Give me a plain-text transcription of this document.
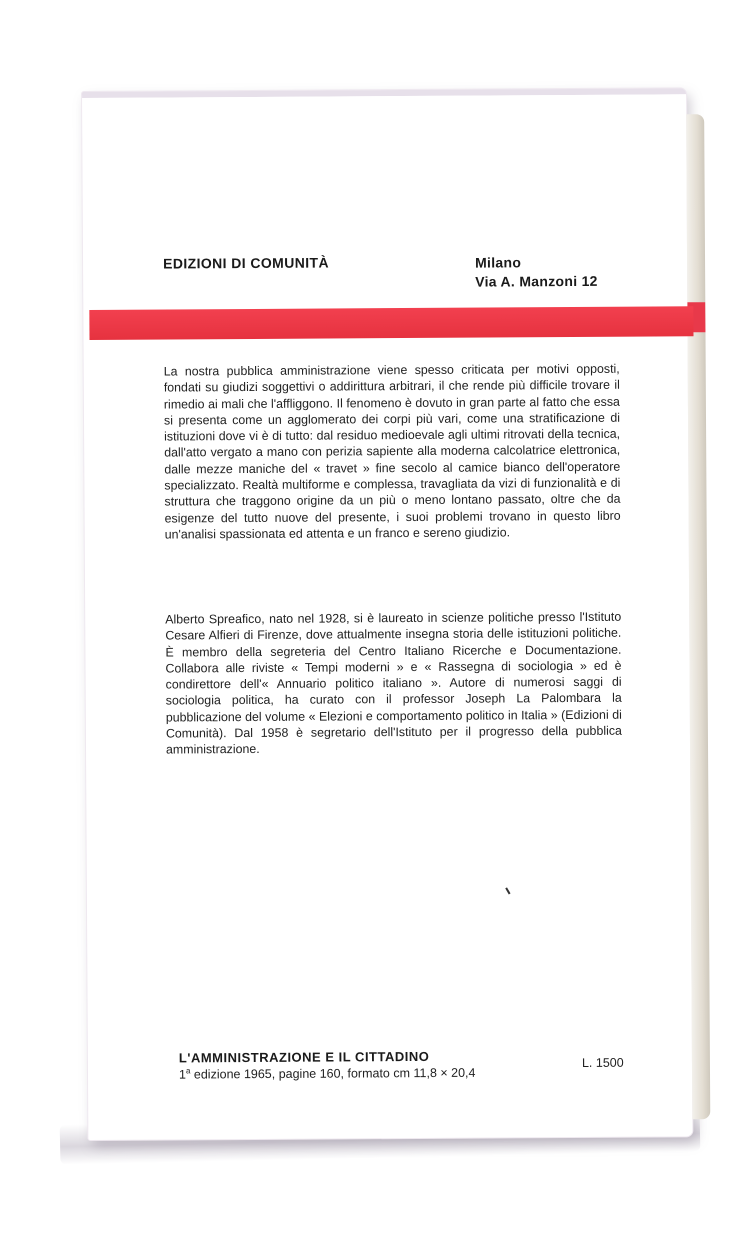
EDIZIONI DI COMUNITÀ	Milano
Via A. Manzoni 12

La nostra pubblica amministrazione viene spesso criticata per motivi opposti, fondati su giudizi soggettivi o addirittura arbitrari, il che rende più difficile trovare il rimedio ai mali che l'affliggono. Il fenomeno è dovuto in gran parte al fatto che essa si presenta come un agglomerato dei corpi più vari, come una stratificazione di istituzioni dove vi è di tutto: dal residuo medioevale agli ultimi ritrovati della tecnica, dall'atto vergato a mano con perizia sapiente alla moderna calcolatrice elettronica, dalle mezze maniche del « travet » fine secolo al camice bianco dell'operatore specializzato. Realtà multiforme e complessa, travagliata da vizi di funzionalità e di struttura che traggono origine da un più o meno lontano passato, oltre che da esigenze del tutto nuove del presente, i suoi problemi trovano in questo libro un'analisi spassionata ed attenta e un franco e sereno giudizio.

Alberto Spreafico, nato nel 1928, si è laureato in scienze politiche presso l'Istituto Cesare Alfieri di Firenze, dove attualmente insegna storia delle istituzioni politiche. È membro della segreteria del Centro Italiano Ricerche e Documentazione. Collabora alle riviste « Tempi moderni » e « Rassegna di sociologia » ed è condirettore dell'« Annuario politico italiano ». Autore di numerosi saggi di sociologia politica, ha curato con il professor Joseph La Palombara la pubblicazione del volume « Elezioni e comportamento politico in Italia » (Edizioni di Comunità). Dal 1958 è segretario dell'Istituto per il progresso della pubblica amministrazione.

L'AMMINISTRAZIONE E IL CITTADINO
1$^a$ edizione 1965, pagine 160, formato cm 11,8 × 20,4
L. 1500
